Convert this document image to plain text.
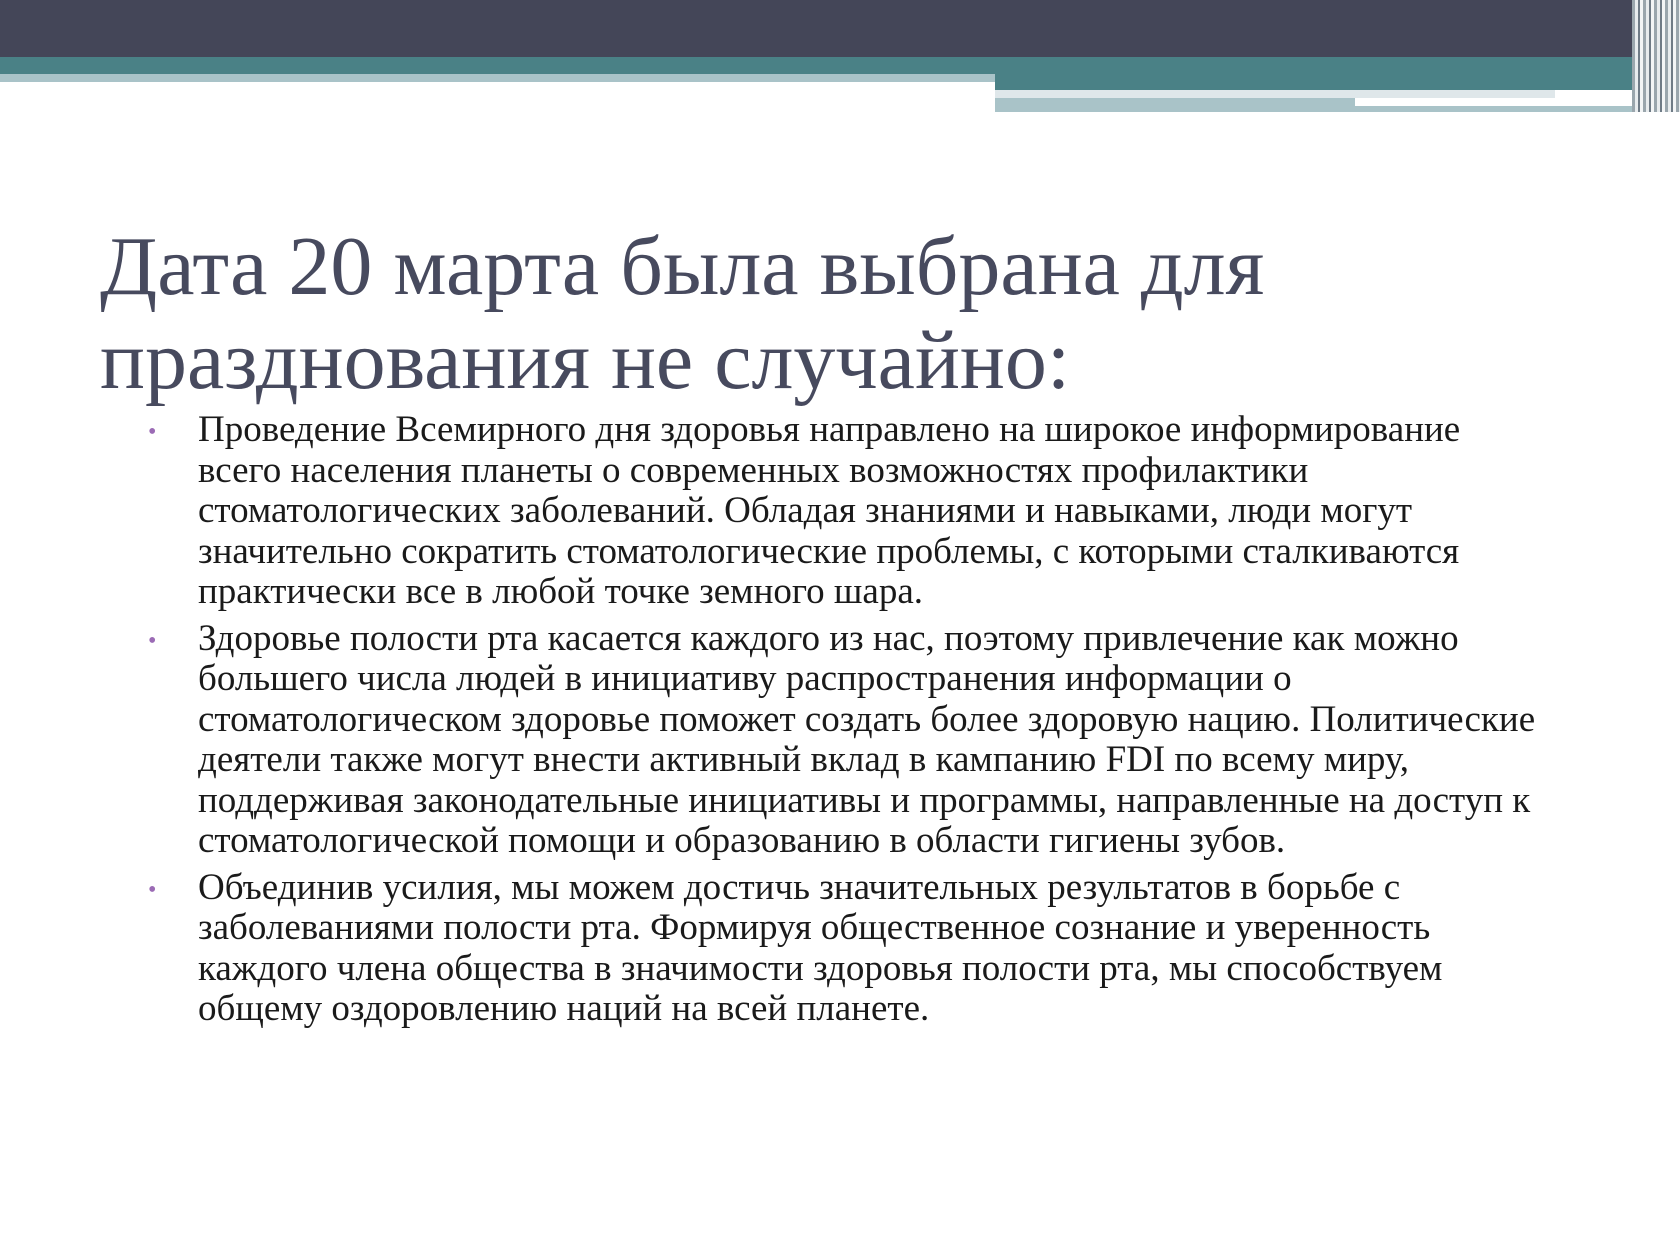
Дата 20 марта была выбрана для празднования не случайно:
• Проведение Всемирного дня здоровья направлено на широкое информирование всего населения планеты о современных возможностях профилактики стоматологических заболеваний. Обладая знаниями и навыками, люди могут значительно сократить стоматологические проблемы, с которыми сталкиваются практически все в любой точке земного шара.
• Здоровье полости рта касается каждого из нас, поэтому привлечение как можно большего числа людей в инициативу распространения информации о стоматологическом здоровье поможет создать более здоровую нацию. Политические деятели также могут внести активный вклад в кампанию FDI по всему миру, поддерживая законодательные инициативы и программы, направленные на доступ к стоматологической помощи и образованию в области гигиены зубов.
• Объединив усилия, мы можем достичь значительных результатов в борьбе с заболеваниями полости рта. Формируя общественное сознание и уверенность каждого члена общества в значимости здоровья полости рта, мы способствуем общему оздоровлению наций на всей планете.
